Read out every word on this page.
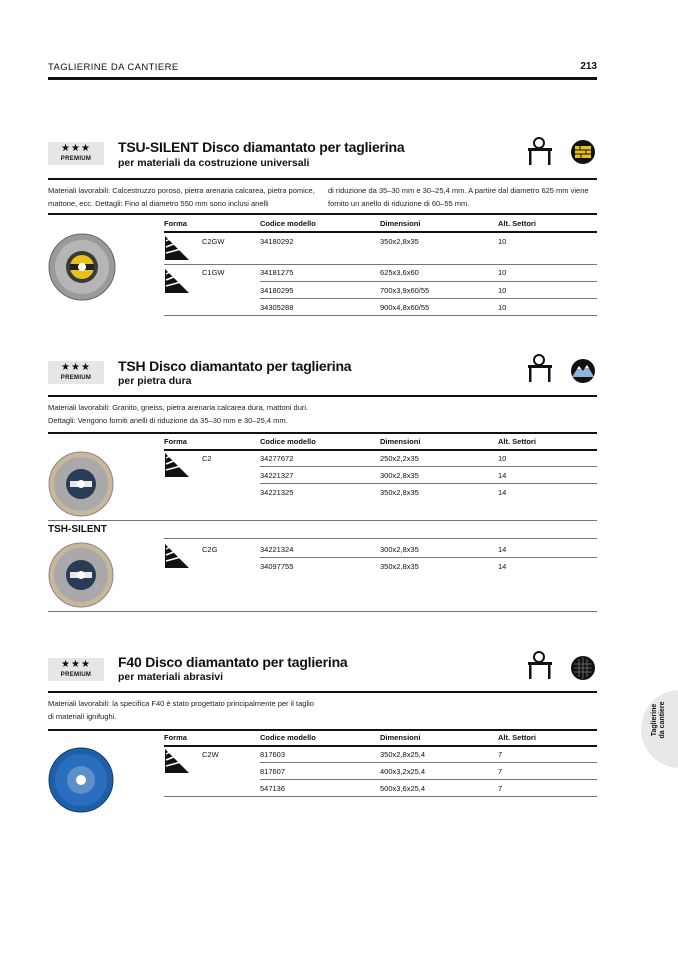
TAGLIERINE DA CANTIERE	213
★★★
PREMIUM
TSU-SILENT Disco diamantato per taglierina
per materiali da costruzione universali
Materiali lavorabili: Calcestruzzo poroso, pietra arenaria calcarea, pietra pomice, mattone, ecc. Dettagli: Fino al diametro 550 mm sono inclusi anelli
di riduzione da 35–30 mm e 30–25,4 mm. A partire dal diametro 625 mm viene fornito un anello di riduzione di 60–55 mm.
Forma	Codice modello	Dimensioni	Alt. Settori
C2GW	34180292	350x2,8x35	10
C1GW	34181275	625x3,6x60	10
34180295	700x3,9x60/55	10
34305288	900x4,8x60/55	10
★★★
PREMIUM
TSH Disco diamantato per taglierina
per pietra dura
Materiali lavorabili: Granito, gneiss, pietra arenaria calcarea dura, mattoni duri. Dettagli: Vengono forniti anelli di riduzione da 35–30 mm e 30–25,4 mm.
Forma	Codice modello	Dimensioni	Alt. Settori
C2	34277672	250x2,2x35	10
34221327	300x2,8x35	14
34221325	350x2,8x35	14
TSH-SILENT
C2G	34221324	300x2,8x35	14
34097755	350x2,8x35	14
★★★
PREMIUM
F40 Disco diamantato per taglierina
per materiali abrasivi
Materiali lavorabili: la specifica F40 è stato progettato principalmente per il taglio di materiali ignifughi.
Forma	Codice modello	Dimensioni	Alt. Settori
C2W	817603	350x2,8x25,4	7
817607	400x3,2x25,4	7
547136	500x3,6x25,4	7
Taglierine da cantiere
